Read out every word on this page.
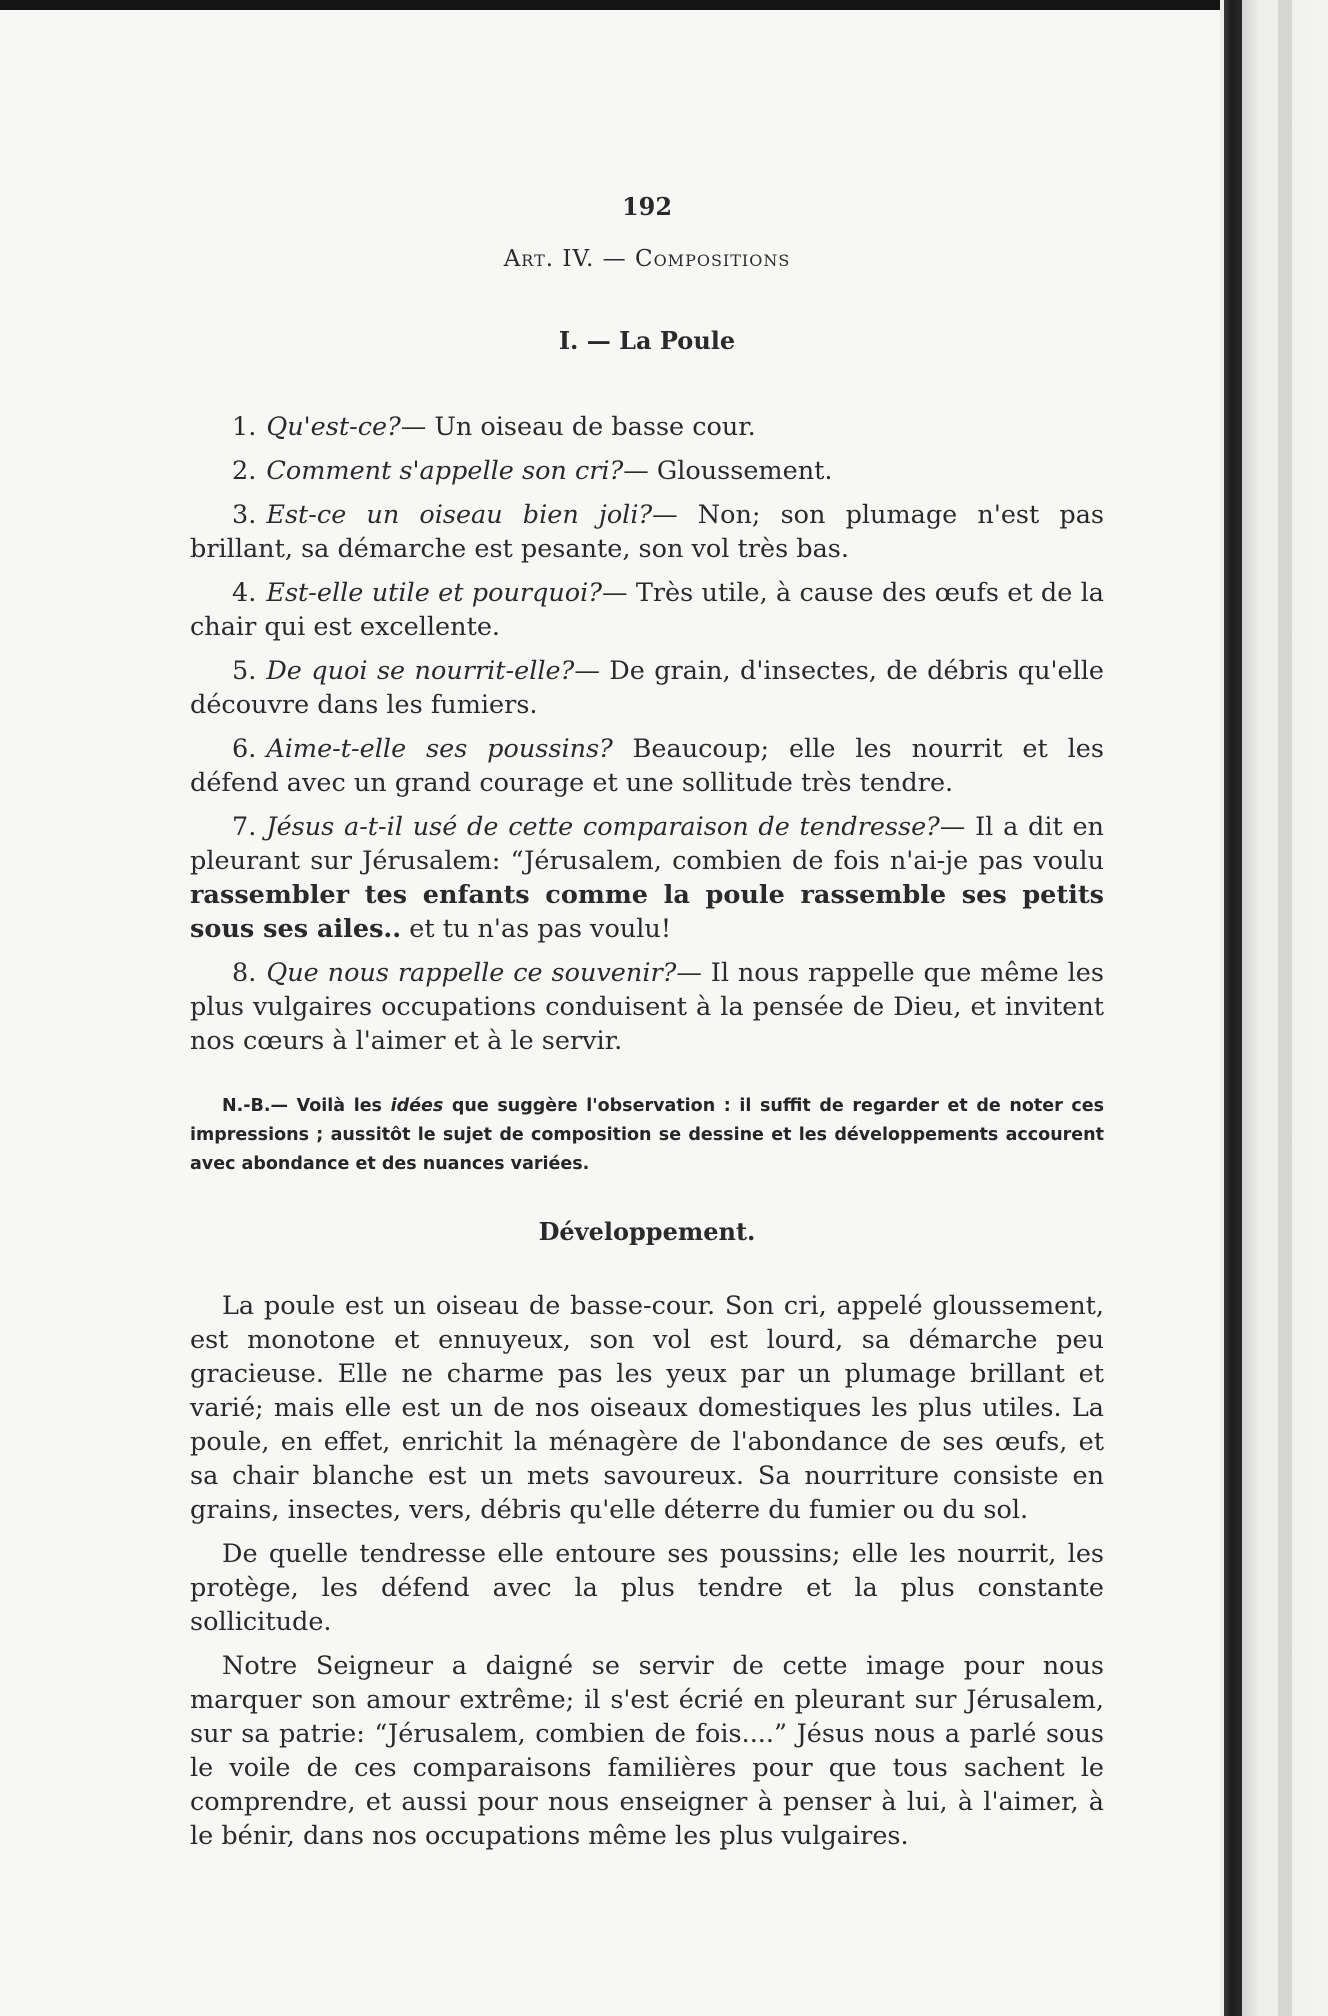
192
Art. IV. — Compositions
I. — La Poule

1. Qu'est-ce?— Un oiseau de basse cour.

2. Comment s'appelle son cri?— Gloussement.

3. Est-ce un oiseau bien joli?— Non; son plumage n'est pas brillant, sa démarche est pesante, son vol très bas.

4. Est-elle utile et pourquoi?— Très utile, à cause des œufs et de la chair qui est excellente.

5. De quoi se nourrit-elle?— De grain, d'insectes, de débris qu'elle découvre dans les fumiers.

6. Aime-t-elle ses poussins? Beaucoup; elle les nourrit et les défend avec un grand courage et une sollitude très tendre.

7. Jésus a-t-il usé de cette comparaison de tendresse?— Il a dit en pleurant sur Jérusalem: “Jérusalem, combien de fois n'ai-je pas voulu rassembler tes enfants comme la poule rassemble ses petits sous ses ailes.. et tu n'as pas voulu!

8. Que nous rappelle ce souvenir?— Il nous rappelle que même les plus vulgaires occupations conduisent à la pensée de Dieu, et invitent nos cœurs à l'aimer et à le servir.

N.-B.— Voilà les idées que suggère l'observation : il suffit de regarder et de noter ces impressions ; aussitôt le sujet de composition se dessine et les développements accourent avec abondance et des nuances variées.

Développement.

La poule est un oiseau de basse-cour. Son cri, appelé gloussement, est monotone et ennuyeux, son vol est lourd, sa démarche peu gracieuse. Elle ne charme pas les yeux par un plumage brillant et varié; mais elle est un de nos oiseaux domestiques les plus utiles. La poule, en effet, enrichit la ménagère de l'abondance de ses œufs, et sa chair blanche est un mets savoureux. Sa nourriture consiste en grains, insectes, vers, débris qu'elle déterre du fumier ou du sol.

De quelle tendresse elle entoure ses poussins; elle les nourrit, les protège, les défend avec la plus tendre et la plus constante sollicitude.

Notre Seigneur a daigné se servir de cette image pour nous marquer son amour extrême; il s'est écrié en pleurant sur Jérusalem, sur sa patrie: “Jérusalem, combien de fois....” Jésus nous a parlé sous le voile de ces comparaisons familières pour que tous sachent le comprendre, et aussi pour nous enseigner à penser à lui, à l'aimer, à le bénir, dans nos occupations même les plus vulgaires.
